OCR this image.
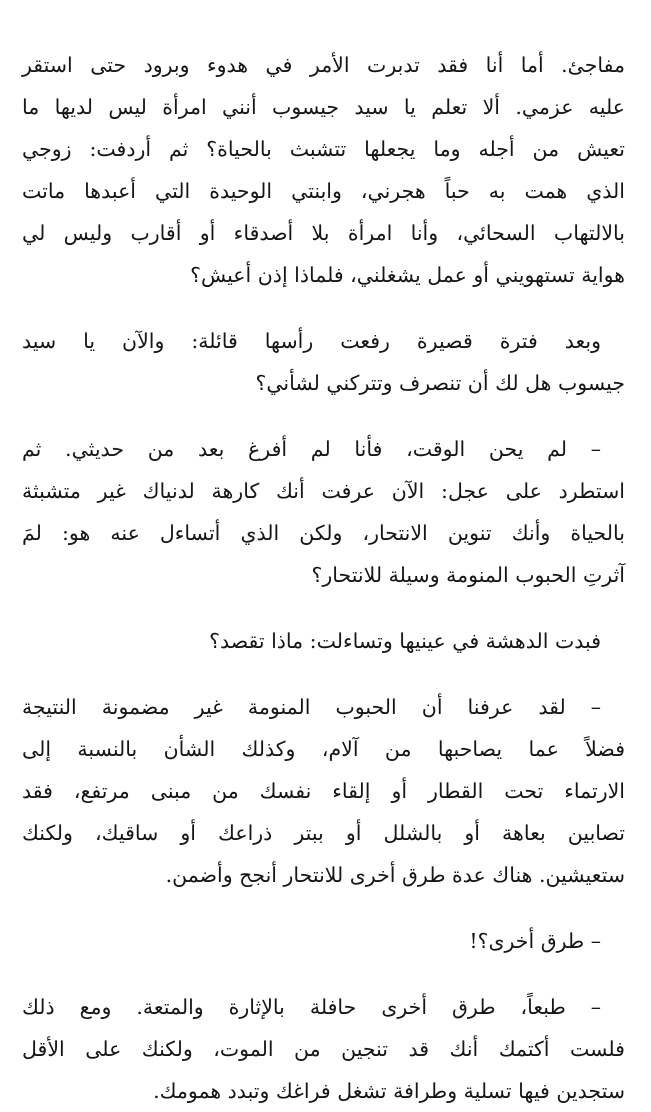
مفاجئ. أما أنا فقد تدبرت الأمر في هدوء وبرود حتى استقر
عليه عزمي. ألا تعلم يا سيد جيسوب أنني امرأة ليس لديها ما
تعيش من أجله وما يجعلها تتشبث بالحياة؟ ثم أردفت: زوجي
الذي همت به حباً هجرني، وابنتي الوحيدة التي أعبدها ماتت
بالالتهاب السحائي، وأنا امرأة بلا أصدقاء أو أقارب وليس لي
هواية تستهويني أو عمل يشغلني، فلماذا إذن أعيش؟

وبعد فترة قصيرة رفعت رأسها قائلة: والآن يا سيد
جيسوب هل لك أن تنصرف وتتركني لشأني؟

– لم يحن الوقت، فأنا لم أفرغ بعد من حديثي. ثم
استطرد على عجل: الآن عرفت أنك كارهة لدنياك غير متشبثة
بالحياة وأنك تنوين الانتحار، ولكن الذي أتساءل عنه هو: لمَ
آثرتِ الحبوب المنومة وسيلة للانتحار؟

فبدت الدهشة في عينيها وتساءلت: ماذا تقصد؟

– لقد عرفنا أن الحبوب المنومة غير مضمونة النتيجة
فضلاً عما يصاحبها من آلام، وكذلك الشأن بالنسبة إلى
الارتماء تحت القطار أو إلقاء نفسك من مبنى مرتفع، فقد
تصابين بعاهة أو بالشلل أو ببتر ذراعك أو ساقيك، ولكنك
ستعيشين. هناك عدة طرق أخرى للانتحار أنجح وأضمن.

– طرق أخرى؟!

– طبعاً، طرق أخرى حافلة بالإثارة والمتعة. ومع ذلك
فلست أكتمك أنك قد تنجين من الموت، ولكنك على الأقل
ستجدين فيها تسلية وطرافة تشغل فراغك وتبدد همومك.
